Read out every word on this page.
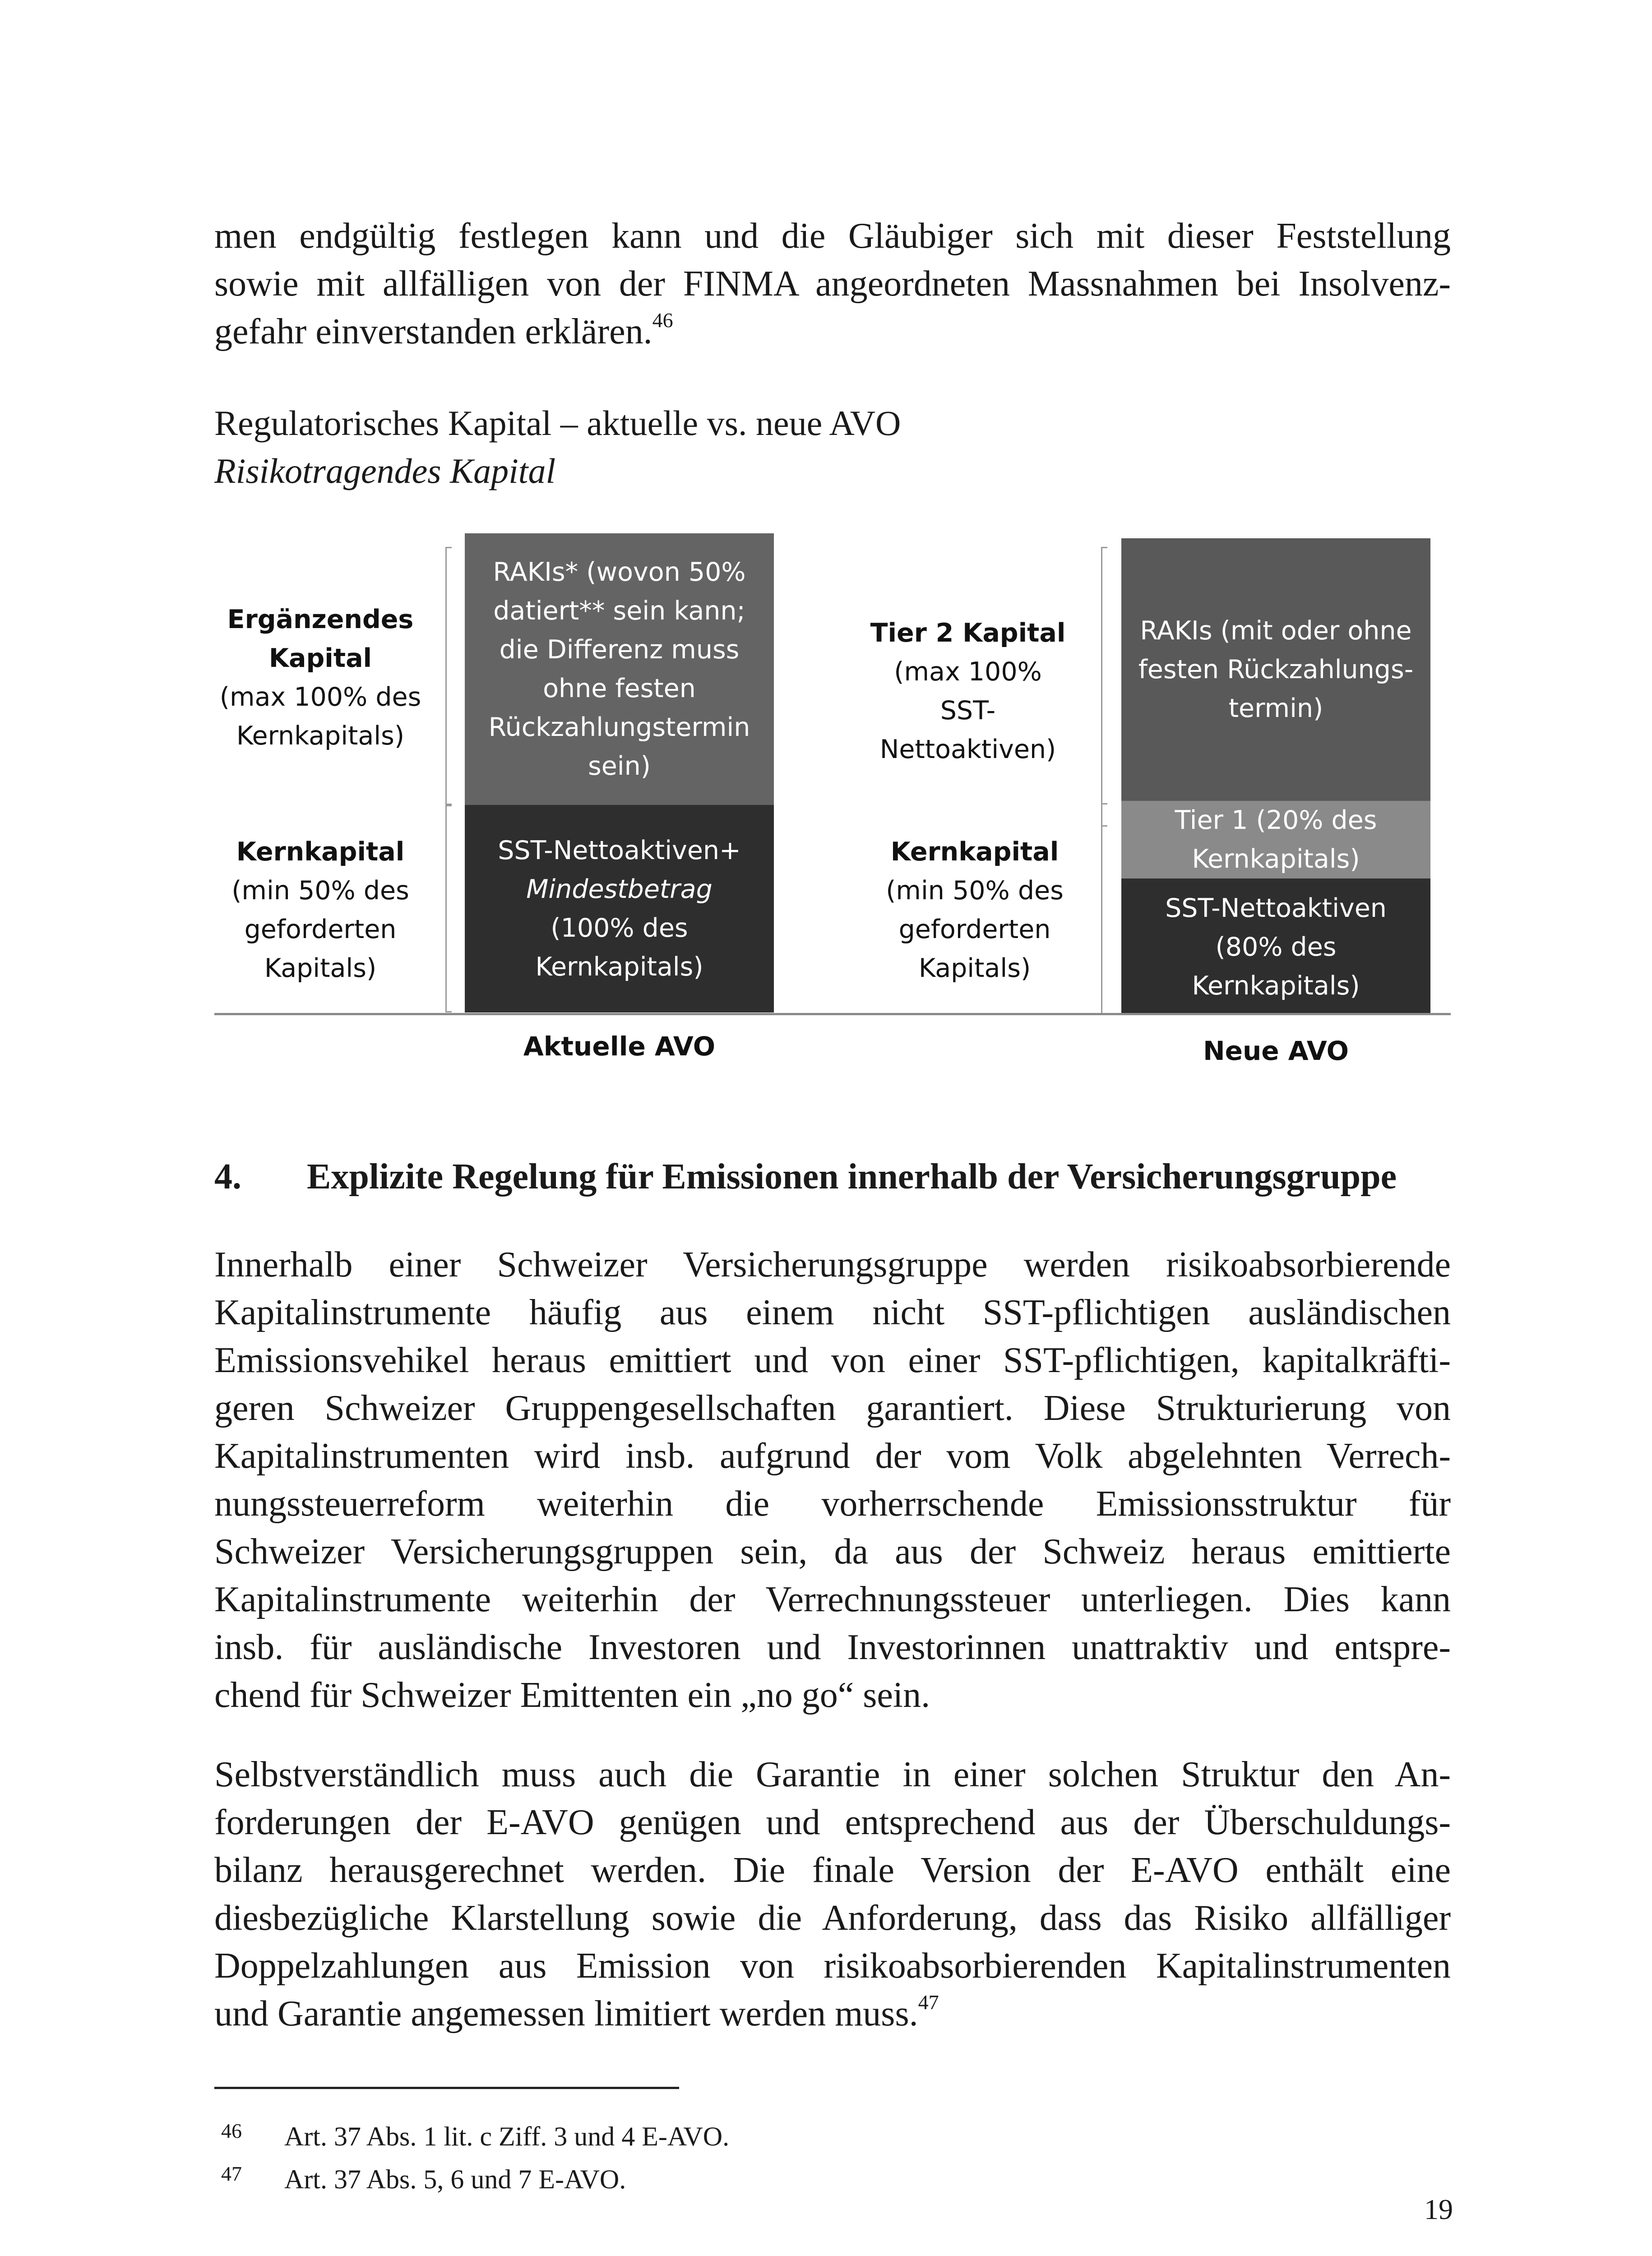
men endgültig festlegen kann und die Gläubiger sich mit dieser Feststellung

sowie mit allfälligen von der FINMA angeordneten Massnahmen bei Insolvenz-

gefahr einverstanden erklären.$^{46}$

Regulatorisches Kapital – aktuelle vs. neue AVO

Risikotragendes Kapital

Ergänzendes Kapital
(max 100% des Kernkapitals)
Kernkapital
(min 50% des geforderten Kapitals)
RAKIs* (wovon 50% datiert** sein kann; die Differenz muss ohne festen Rückzahlungstermin sein)
SST-Nettoaktiven+
Mindestbetrag
(100% des Kernkapitals)
Tier 2 Kapital
(max 100% SST-Nettoaktiven)
Kernkapital
(min 50% des geforderten Kapitals)
RAKIs (mit oder ohne festen Rückzahlungs-termin)
Tier 1 (20% des Kernkapitals)
SST-Nettoaktiven (80% des Kernkapitals)
Aktuelle AVO	Neue AVO
4. Explizite Regelung für Emissionen innerhalb der Versicherungsgruppe

Innerhalb einer Schweizer Versicherungsgruppe werden risikoabsorbierende

Kapitalinstrumente häufig aus einem nicht SST-pflichtigen ausländischen

Emissionsvehikel heraus emittiert und von einer SST-pflichtigen, kapitalkräfti-

geren Schweizer Gruppengesellschaften garantiert. Diese Strukturierung von

Kapitalinstrumenten wird insb. aufgrund der vom Volk abgelehnten Verrech-

nungssteuerreform weiterhin die vorherrschende Emissionsstruktur für

Schweizer Versicherungsgruppen sein, da aus der Schweiz heraus emittierte

Kapitalinstrumente weiterhin der Verrechnungssteuer unterliegen. Dies kann

insb. für ausländische Investoren und Investorinnen unattraktiv und entspre-

chend für Schweizer Emittenten ein „no go“ sein.

Selbstverständlich muss auch die Garantie in einer solchen Struktur den An-

forderungen der E-AVO genügen und entsprechend aus der Überschuldungs-

bilanz herausgerechnet werden. Die finale Version der E-AVO enthält eine

diesbezügliche Klarstellung sowie die Anforderung, dass das Risiko allfälliger

Doppelzahlungen aus Emission von risikoabsorbierenden Kapitalinstrumenten

und Garantie angemessen limitiert werden muss.$^{47}$

46 Art. 37 Abs. 1 lit. c Ziff. 3 und 4 E-AVO.
47 Art. 37 Abs. 5, 6 und 7 E-AVO.
19
